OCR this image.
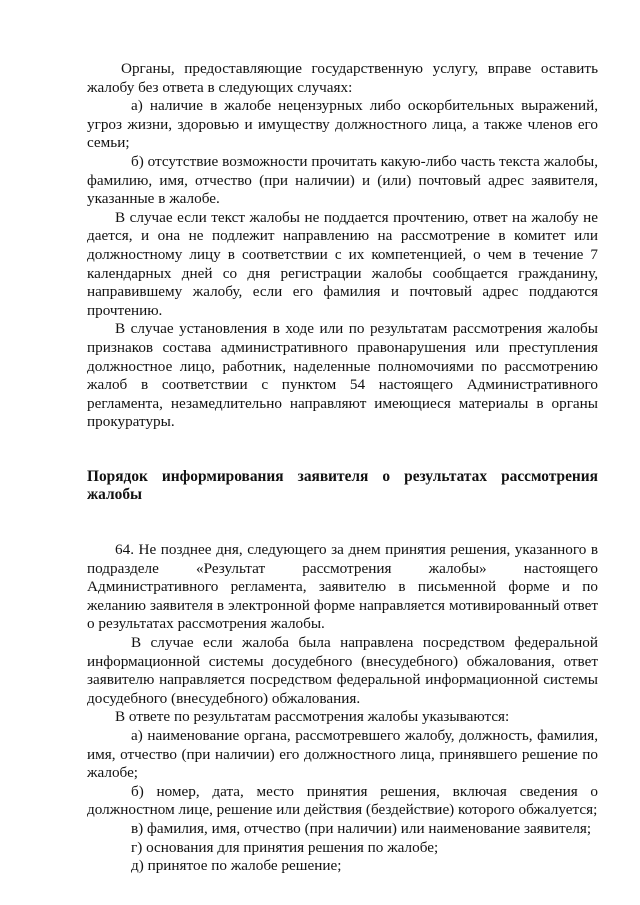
Органы, предоставляющие государственную услугу, вправе оставить жалобу без ответа в следующих случаях:

а) наличие в жалобе нецензурных либо оскорбительных выражений, угроз жизни, здоровью и имуществу должностного лица, а также членов его семьи;

б) отсутствие возможности прочитать какую-либо часть текста жалобы, фамилию, имя, отчество (при наличии) и (или) почтовый адрес заявителя, указанные в жалобе.

В случае если текст жалобы не поддается прочтению, ответ на жалобу не дается, и она не подлежит направлению на рассмотрение в комитет или должностному лицу в соответствии с их компетенцией, о чем в течение 7 календарных дней со дня регистрации жалобы сообщается гражданину, направившему жалобу, если его фамилия и почтовый адрес поддаются прочтению.

В случае установления в ходе или по результатам рассмотрения жалобы признаков состава административного правонарушения или преступления должностное лицо, работник, наделенные полномочиями по рассмотрению жалоб в соответствии с пунктом 54 настоящего Административного регламента, незамедлительно направляют имеющиеся материалы в органы прокуратуры.

Порядок информирования заявителя о результатах рассмотрения жалобы

64. Не позднее дня, следующего за днем принятия решения, указанного в подразделе «Результат рассмотрения жалобы» настоящего Административного регламента, заявителю в письменной форме и по желанию заявителя в электронной форме направляется мотивированный ответ о результатах рассмотрения жалобы.

В случае если жалоба была направлена посредством федеральной информационной системы досудебного (внесудебного) обжалования, ответ заявителю направляется посредством федеральной информационной системы досудебного (внесудебного) обжалования.

В ответе по результатам рассмотрения жалобы указываются:

а) наименование органа, рассмотревшего жалобу, должность, фамилия, имя, отчество (при наличии) его должностного лица, принявшего решение по жалобе;

б) номер, дата, место принятия решения, включая сведения о должностном лице, решение или действия (бездействие) которого обжалуется;

в) фамилия, имя, отчество (при наличии) или наименование заявителя;

г) основания для принятия решения по жалобе;

д) принятое по жалобе решение;
